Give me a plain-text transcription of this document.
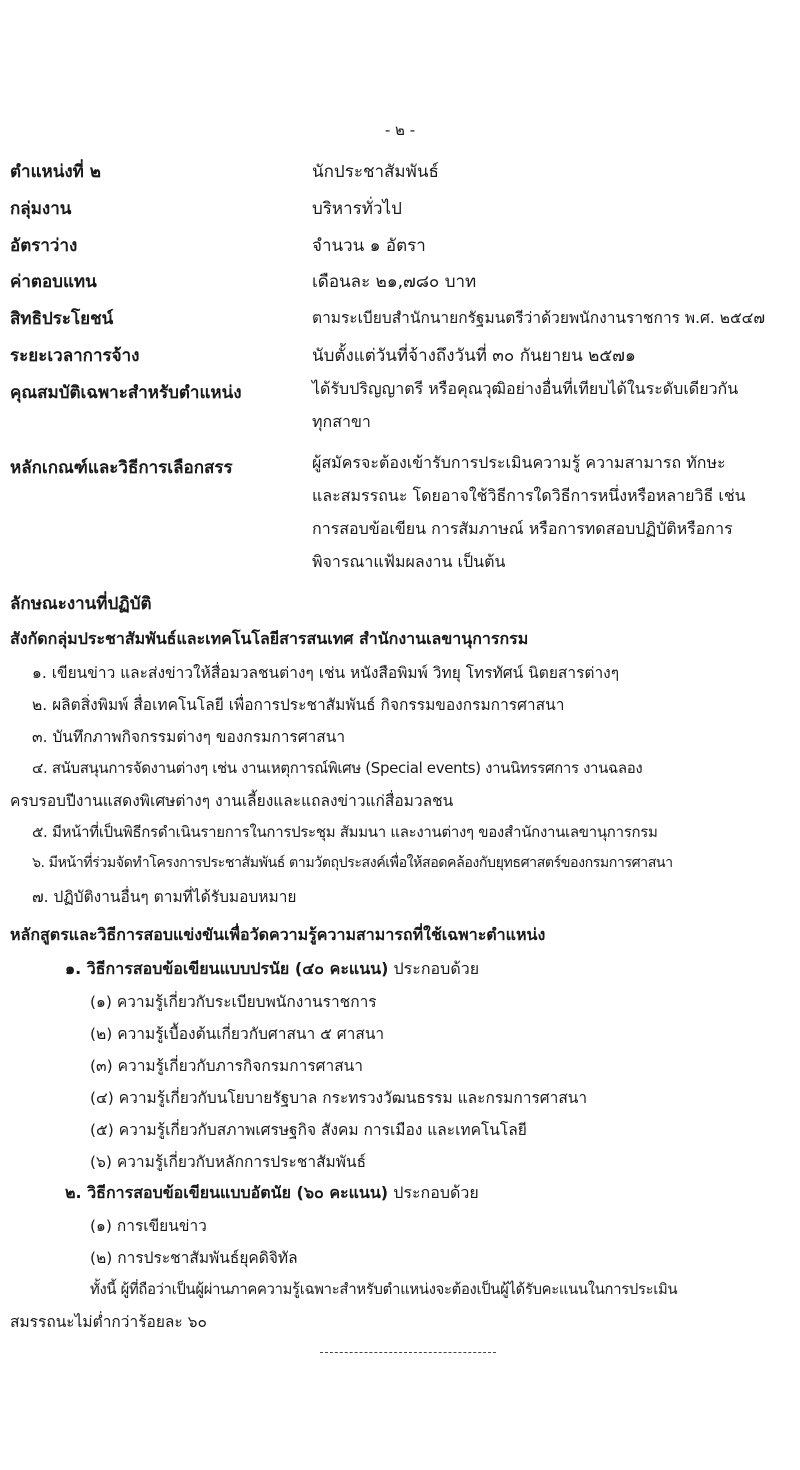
- ๒ -
ตำแหน่งที่ ๒	นักประชาสัมพันธ์
กลุ่มงาน	บริหารทั่วไป
อัตราว่าง	จำนวน ๑ อัตรา
ค่าตอบแทน	เดือนละ ๒๑,๗๘๐ บาท
สิทธิประโยชน์	ตามระเบียบสำนักนายกรัฐมนตรีว่าด้วยพนักงานราชการ พ.ศ. ๒๕๔๗
ระยะเวลาการจ้าง	นับตั้งแต่วันที่จ้างถึงวันที่ ๓๐ กันยายน ๒๕๗๑
คุณสมบัติเฉพาะสำหรับตำแหน่ง	ได้รับปริญญาตรี หรือคุณวุฒิอย่างอื่นที่เทียบได้ในระดับเดียวกัน
ทุกสาขา
หลักเกณฑ์และวิธีการเลือกสรร	ผู้สมัครจะต้องเข้ารับการประเมินความรู้ ความสามารถ ทักษะ
และสมรรถนะ โดยอาจใช้วิธีการใดวิธีการหนึ่งหรือหลายวิธี เช่น
การสอบข้อเขียน การสัมภาษณ์ หรือการทดสอบปฏิบัติหรือการ
พิจารณาแฟ้มผลงาน เป็นต้น
ลักษณะงานที่ปฏิบัติ
สังกัดกลุ่มประชาสัมพันธ์และเทคโนโลยีสารสนเทศ สำนักงานเลขานุการกรม
๑. เขียนข่าว และส่งข่าวให้สื่อมวลชนต่างๆ เช่น หนังสือพิมพ์ วิทยุ โทรทัศน์ นิตยสารต่างๆ
๒. ผลิตสิ่งพิมพ์ สื่อเทคโนโลยี เพื่อการประชาสัมพันธ์ กิจกรรมของกรมการศาสนา
๓. บันทึกภาพกิจกรรมต่างๆ ของกรมการศาสนา
๔. สนับสนุนการจัดงานต่างๆ เช่น งานเหตุการณ์พิเศษ (Special events) งานนิทรรศการ งานฉลอง
ครบรอบปีงานแสดงพิเศษต่างๆ งานเลี้ยงและแถลงข่าวแก่สื่อมวลชน
๕. มีหน้าที่เป็นพิธีกรดำเนินรายการในการประชุม สัมมนา และงานต่างๆ ของสำนักงานเลขานุการกรม
๖. มีหน้าที่ร่วมจัดทำโครงการประชาสัมพันธ์ ตามวัตถุประสงค์เพื่อให้สอดคล้องกับยุทธศาสตร์ของกรมการศาสนา
๗. ปฏิบัติงานอื่นๆ ตามที่ได้รับมอบหมาย
หลักสูตรและวิธีการสอบแข่งขันเพื่อวัดความรู้ความสามารถที่ใช้เฉพาะตำแหน่ง
๑. วิธีการสอบข้อเขียนแบบปรนัย (๔๐ คะแนน) ประกอบด้วย
(๑) ความรู้เกี่ยวกับระเบียบพนักงานราชการ
(๒) ความรู้เบื้องต้นเกี่ยวกับศาสนา ๕ ศาสนา
(๓) ความรู้เกี่ยวกับภารกิจกรมการศาสนา
(๔) ความรู้เกี่ยวกับนโยบายรัฐบาล กระทรวงวัฒนธรรม และกรมการศาสนา
(๕) ความรู้เกี่ยวกับสภาพเศรษฐกิจ สังคม การเมือง และเทคโนโลยี
(๖) ความรู้เกี่ยวกับหลักการประชาสัมพันธ์
๒. วิธีการสอบข้อเขียนแบบอัตนัย (๖๐ คะแนน) ประกอบด้วย
(๑) การเขียนข่าว
(๒) การประชาสัมพันธ์ยุคดิจิทัล
ทั้งนี้ ผู้ที่ถือว่าเป็นผู้ผ่านภาคความรู้เฉพาะสำหรับตำแหน่งจะต้องเป็นผู้ได้รับคะแนนในการประเมิน
สมรรถนะไม่ต่ำกว่าร้อยละ ๖๐
